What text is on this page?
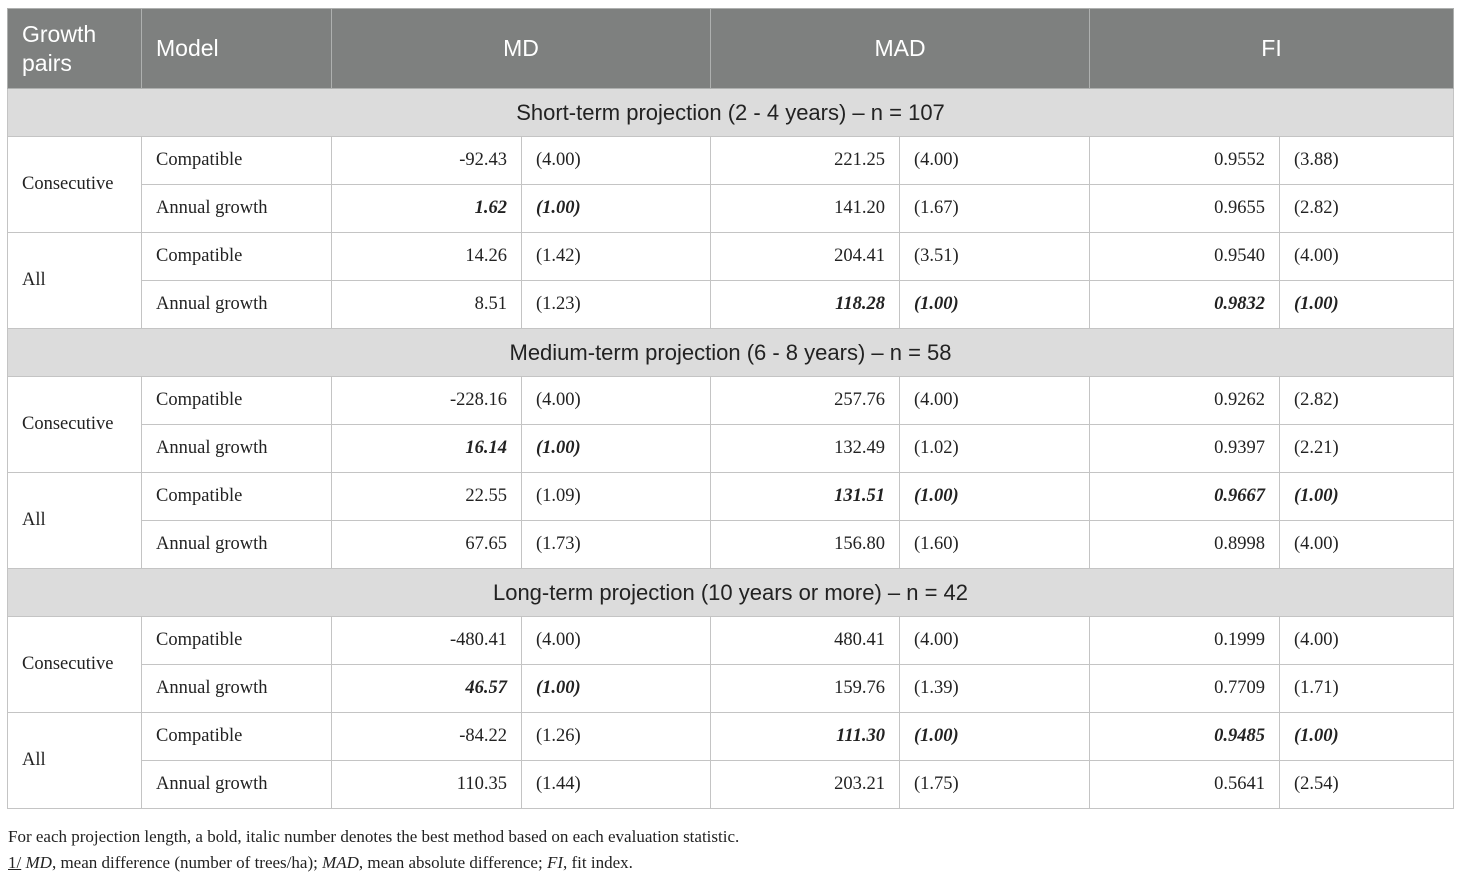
Growth pairs	Model	MD		MAD		FI	
Short-term projection (2 - 4 years) – n = 107							
Consecutive	Compatible	-92.43	(4.00)	221.25	(4.00)	0.9552	(3.88)
	Annual growth	1.62	(1.00)	141.20	(1.67)	0.9655	(2.82)
All	Compatible	14.26	(1.42)	204.41	(3.51)	0.9540	(4.00)
	Annual growth	8.51	(1.23)	118.28	(1.00)	0.9832	(1.00)
Medium-term projection (6 - 8 years) – n = 58							
Consecutive	Compatible	-228.16	(4.00)	257.76	(4.00)	0.9262	(2.82)
	Annual growth	16.14	(1.00)	132.49	(1.02)	0.9397	(2.21)
All	Compatible	22.55	(1.09)	131.51	(1.00)	0.9667	(1.00)
	Annual growth	67.65	(1.73)	156.80	(1.60)	0.8998	(4.00)
Long-term projection (10 years or more) – n = 42							
Consecutive	Compatible	-480.41	(4.00)	480.41	(4.00)	0.1999	(4.00)
	Annual growth	46.57	(1.00)	159.76	(1.39)	0.7709	(1.71)
All	Compatible	-84.22	(1.26)	111.30	(1.00)	0.9485	(1.00)
	Annual growth	110.35	(1.44)	203.21	(1.75)	0.5641	(2.54)

For each projection length, a bold, italic number denotes the best method based on each evaluation statistic.

1/ MD, mean difference (number of trees/ha); MAD, mean absolute difference; FI, fit index.
